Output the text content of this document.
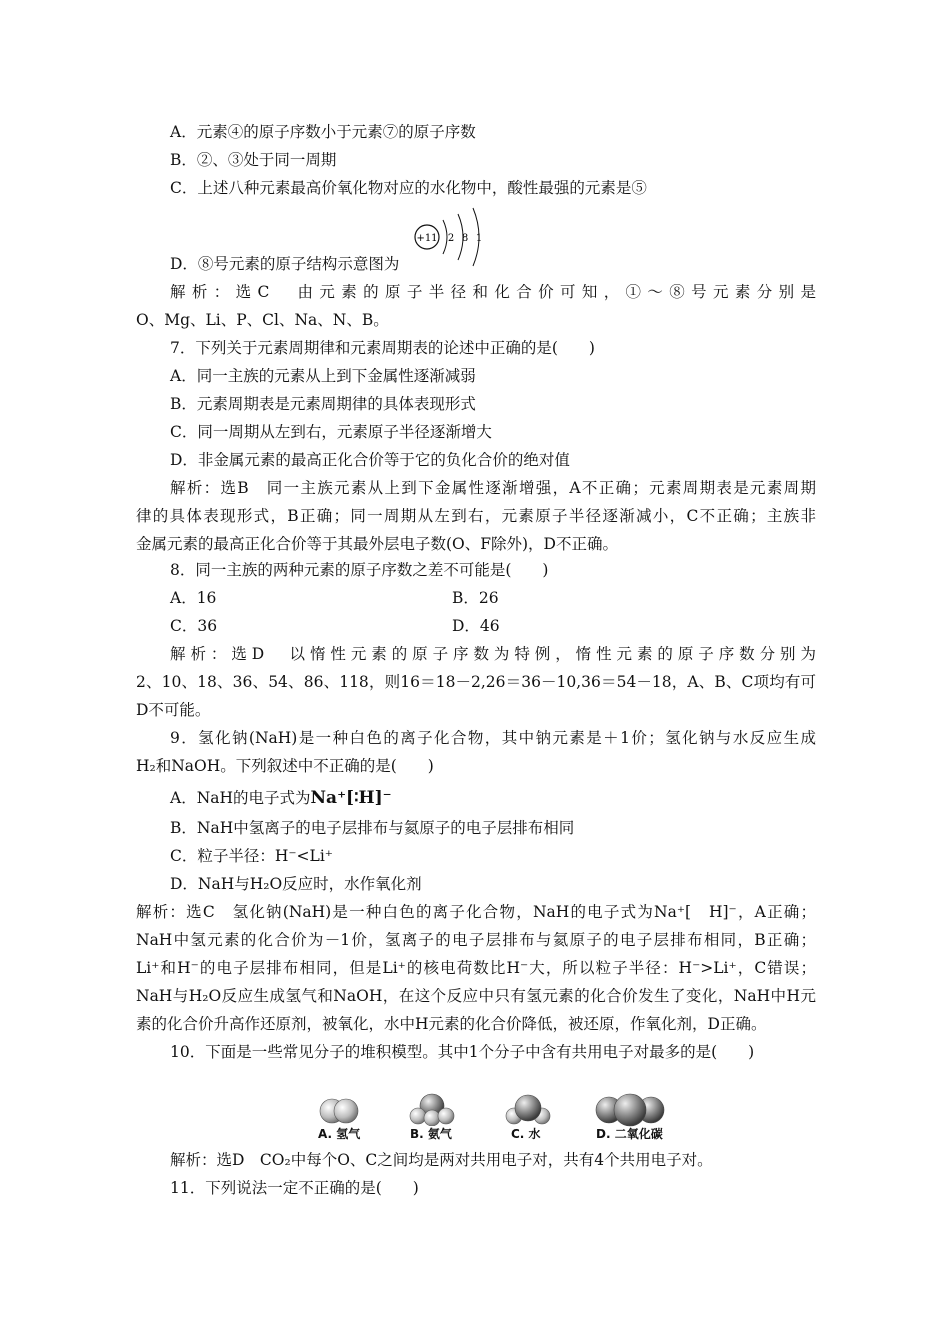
A．元素④的原子序数小于元素⑦的原子序数
B．②、③处于同一周期
C．上述八种元素最高价氧化物对应的水化物中，酸性最强的元素是⑤
+11 2 8 1
D．⑧号元素的原子结构示意图为
解析：选C　由元素的原子半径和化合价可知，①～⑧号元素分别是
O、Mg、Li、P、Cl、Na、N、B。
7．下列关于元素周期律和元素周期表的论述中正确的是(　　)
A．同一主族的元素从上到下金属性逐渐减弱
B．元素周期表是元素周期律的具体表现形式
C．同一周期从左到右，元素原子半径逐渐增大
D．非金属元素的最高正化合价等于它的负化合价的绝对值
解析：选B　同一主族元素从上到下金属性逐渐增强，A不正确；元素周期表是元素周期
律的具体表现形式，B正确；同一周期从左到右，元素原子半径逐渐减小，C不正确；主族非
金属元素的最高正化合价等于其最外层电子数(O、F除外)，D不正确。
8．同一主族的两种元素的原子序数之差不可能是(　　)
A．16	B．26
C．36	D．46
解析：选D　以惰性元素的原子序数为特例，惰性元素的原子序数分别为
2、10、18、36、54、86、118，则16＝18－2,26＝36－10,36＝54－18，A、B、C项均有可
D不可能。
9．氢化钠(NaH)是一种白色的离子化合物，其中钠元素是＋1价；氢化钠与水反应生成
H₂和NaOH。下列叙述中不正确的是(　　)
A．NaH的电子式为Na⁺[∶H]⁻
B．NaH中氢离子的电子层排布与氦原子的电子层排布相同
C．粒子半径：H⁻<Li⁺
D．NaH与H₂O反应时，水作氧化剂
解析：选C　氢化钠(NaH)是一种白色的离子化合物，NaH的电子式为Na⁺[　H]⁻，A正确；
NaH中氢元素的化合价为－1价，氢离子的电子层排布与氦原子的电子层排布相同，B正确；
Li⁺和H⁻的电子层排布相同，但是Li⁺的核电荷数比H⁻大，所以粒子半径：H⁻>Li⁺，C错误；
NaH与H₂O反应生成氢气和NaOH，在这个反应中只有氢元素的化合价发生了变化，NaH中H元
素的化合价升高作还原剂，被氧化，水中H元素的化合价降低，被还原，作氧化剂，D正确。
10．下面是一些常见分子的堆积模型。其中1个分子中含有共用电子对最多的是(　　)
A. 氢气	B. 氨气	C. 水	D. 二氧化碳
解析：选D　CO₂中每个O、C之间均是两对共用电子对，共有4个共用电子对。
11．下列说法一定不正确的是(　　)
